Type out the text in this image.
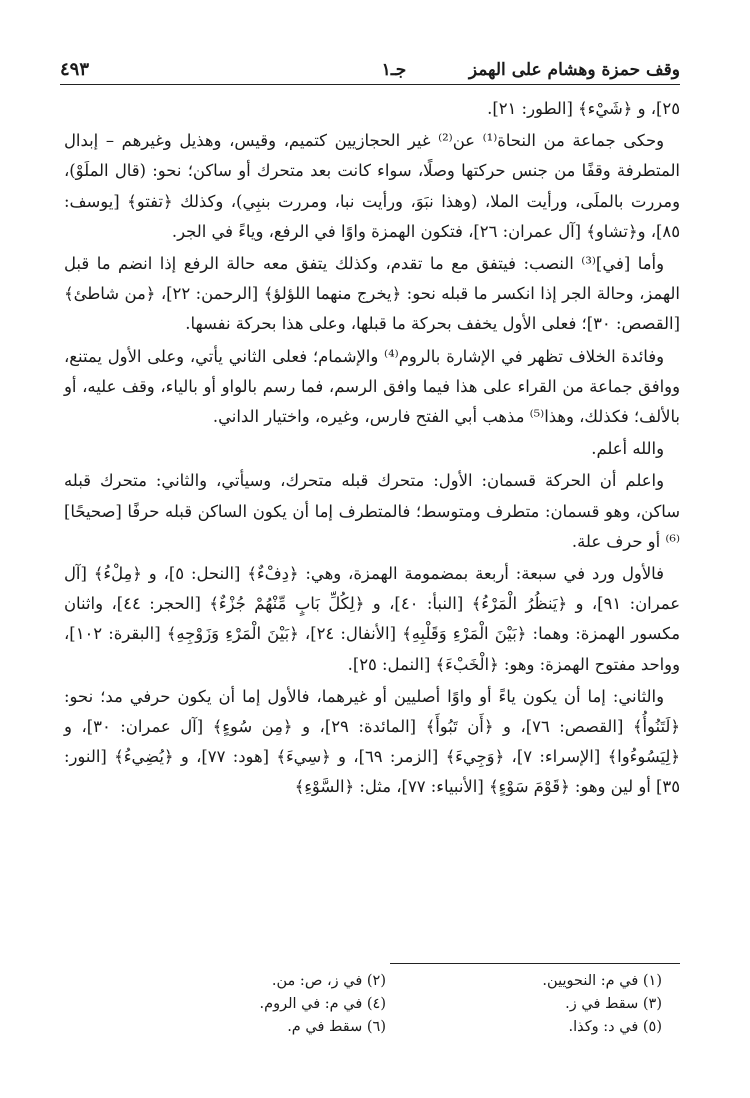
وقف حمزة وهشام على الهمز
جـ١
٤٩٣

٢٥]، و ﴿شَيْء﴾ [الطور: ٢١].

وحكى جماعة من النحاة⁽¹⁾ عن⁽²⁾ غير الحجازيين كتميم، وقيس، وهذيل وغيرهم – إبدال المتطرفة وقفًا من جنس حركتها وصلًا، سواء كانت بعد متحرك أو ساكن؛ نحو: (قال الملَوْ)، ومررت بالملَى، ورأيت الملا، (وهذا نبَوَ، ورأيت نبا، ومررت بنبِي)، وكذلك ﴿تفتو﴾ [يوسف: ٨٥]، و﴿تشاو﴾ [آل عمران: ٢٦]، فتكون الهمزة واوًا في الرفع، وياءً في الجر.

وأما [في]⁽³⁾ النصب: فيتفق مع ما تقدم، وكذلك يتفق معه حالة الرفع إذا انضم ما قبل الهمز، وحالة الجر إذا انكسر ما قبله نحو: ﴿يخرج منهما اللؤلؤ﴾ [الرحمن: ٢٢]، ﴿من شاطئ﴾ [القصص: ٣٠]؛ فعلى الأول يخفف بحركة ما قبلها، وعلى هذا بحركة نفسها.

وفائدة الخلاف تظهر في الإشارة بالروم⁽⁴⁾ والإشمام؛ فعلى الثاني يأتي، وعلى الأول يمتنع، ووافق جماعة من القراء على هذا فيما وافق الرسم، فما رسم بالواو أو بالياء، وقف عليه، أو بالألف؛ فكذلك، وهذا⁽⁵⁾ مذهب أبي الفتح فارس، وغيره، واختيار الداني.

والله أعلم.

واعلم أن الحركة قسمان: الأول: متحرك قبله متحرك، وسيأتي، والثاني: متحرك قبله ساكن، وهو قسمان: متطرف ومتوسط؛ فالمتطرف إما أن يكون الساكن قبله حرفًا [صحيحًا]⁽⁶⁾ أو حرف علة.

فالأول ورد في سبعة: أربعة بمضمومة الهمزة، وهي: ﴿دِفْءٌ﴾ [النحل: ٥]، و ﴿مِلْءُ﴾ [آل عمران: ٩١]، و ﴿يَنظُرُ الْمَرْءُ﴾ [النبأ: ٤٠]، و ﴿لِكُلِّ بَابٍ مِّنْهُمْ جُزْءٌ﴾ [الحجر: ٤٤]، واثنان مكسور الهمزة: وهما: ﴿بَيْنَ الْمَرْءِ وَقَلْبِهِ﴾ [الأنفال: ٢٤]، ﴿بَيْنَ الْمَرْءِ وَزَوْجِهِ﴾ [البقرة: ١٠٢]، وواحد مفتوح الهمزة: وهو: ﴿الْخَبْءَ﴾ [النمل: ٢٥].

والثاني: إما أن يكون ياءً أو واوًا أصليين أو غيرهما، فالأول إما أن يكون حرفي مد؛ نحو: ﴿لَتَنُوأُ﴾ [القصص: ٧٦]، و ﴿أَن تَبُوأَ﴾ [المائدة: ٢٩]، و ﴿مِن سُوءٍ﴾ [آل عمران: ٣٠]، و ﴿لِيَسُوءُوا﴾ [الإسراء: ٧]، ﴿وَجِيءَ﴾ [الزمر: ٦٩]، و ﴿سِيءَ﴾ [هود: ٧٧]، و ﴿يُضِيءُ﴾ [النور: ٣٥] أو لين وهو: ﴿قَوْمَ سَوْءٍ﴾ [الأنبياء: ٧٧]، مثل: ﴿السَّوْءِ﴾

(١) في م: النحويين.
(٢) في ز، ص: من.
(٣) سقط في ز.
(٤) في م: في الروم.
(٥) في د: وكذا.
(٦) سقط في م.
